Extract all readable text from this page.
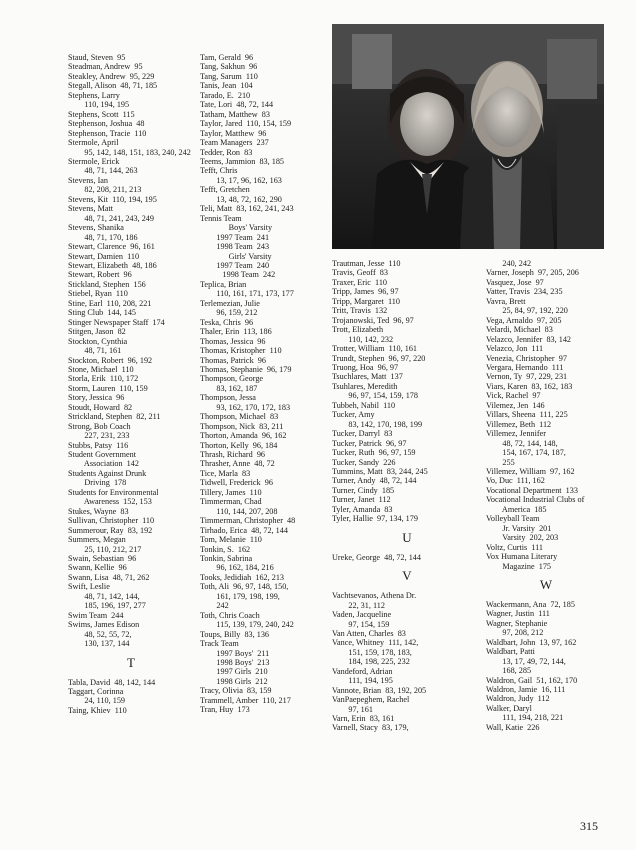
Staud, Steven  95
Steadman, Andrew  95
Steakley, Andrew  95, 229
Stegall, Alison  48, 71, 185
Stephens, Larry
110, 194, 195
Stephens, Scott  115
Stephenson, Joshua  48
Stephenson, Tracie  110
Stermole, April
95, 142, 148, 151, 183, 240, 242
Stermole, Erick
48, 71, 144, 263
Stevens, Ian
82, 208, 211, 213
Stevens, Kit  110, 194, 195
Stevens, Matt
48, 71, 241, 243, 249
Stevens, Shanika
48, 71, 170, 186
Stewart, Clarence  96, 161
Stewart, Damien  110
Stewart, Elizabeth  48, 186
Stewart, Robert  96
Stickland, Stephen  156
Stiebel, Ryan  110
Stine, Earl  110, 208, 221
Sting Club  144, 145
Stinger Newspaper Staff  174
Stitgen, Jason  82
Stockton, Cynthia
48, 71, 161
Stockton, Robert  96, 192
Stone, Michael  110
Storla, Erik  110, 172
Storm, Lauren  110, 159
Story, Jessica  96
Stoudt, Howard  82
Strickland, Stephen  82, 211
Strong, Bob Coach
227, 231, 233
Stubbs, Patsy  116
Student Government
Association  142
Students Against Drunk
Driving  178
Students for Environmental
Awareness  152, 153
Stukes, Wayne  83
Sullivan, Christopher  110
Summerour, Ray  83, 192
Summers, Megan
25, 110, 212, 217
Swain, Sebastian  96
Swann, Kellie  96
Swann, Lisa  48, 71, 262
Swift, Leslie
48, 71, 142, 144,
185, 196, 197, 277
Swim Team  244
Swims, James Edison
48, 52, 55, 72,
130, 137, 144
T
Tabla, David  48, 142, 144
Taggart, Corinna
24, 110, 159
Taing, Khiev  110
Tam, Gerald  96
Tang, Sakhun  96
Tang, Sarum  110
Tanis, Jean  104
Tarado, E.  210
Tate, Lori  48, 72, 144
Tatham, Matthew  83
Taylor, Jared  110, 154, 159
Taylor, Matthew  96
Team Managers  237
Tedder, Ron  83
Teems, Jammion  83, 185
Tefft, Chris
13, 17, 96, 162, 163
Tefft, Gretchen
13, 48, 72, 162, 290
Teli, Matt  83, 162, 241, 243
Tennis Team
Boys' Varsity
1997 Team  241
1998 Team  243
Girls' Varsity
1997 Team  240
1998 Team  242
Teplica, Brian
110, 161, 171, 173, 177
Terlemezian, Julie
96, 159, 212
Teska, Chris  96
Thaler, Erin  113, 186
Thomas, Jessica  96
Thomas, Kristopher  110
Thomas, Patrick  96
Thomas, Stephanie  96, 179
Thompson, George
83, 162, 187
Thompson, Jessa
93, 162, 170, 172, 183
Thompson, Michael  83
Thompson, Nick  83, 211
Thorton, Amanda  96, 162
Thorton, Kelly  96, 184
Thrash, Richard  96
Thrasher, Anne  48, 72
Tice, Marla  83
Tidwell, Frederick  96
Tillery, James  110
Timmerman, Chad
110, 144, 207, 208
Timmerman, Christopher  48
Tirhado, Erica  48, 72, 144
Tom, Melanie  110
Tonkin, S.  162
Tonkin, Sabrina
96, 162, 184, 216
Tooks, Jedidiah  162, 213
Toth, Ali  96, 97, 148, 150,
161, 179, 198, 199,
242
Toth, Chris Coach
115, 139, 179, 240, 242
Toups, Billy  83, 136
Track Team
1997 Boys'  211
1998 Boys'  213
1997 Girls  210
1998 Girls  212
Tracy, Olivia  83, 159
Trammell, Amber  110, 217
Tran, Huy  173
Trautman, Jesse  110
Travis, Geoff  83
Traxer, Eric  110
Tripp, James  96, 97
Tripp, Margaret  110
Tritt, Travis  132
Trojanowski, Ted  96, 97
Trott, Elizabeth
110, 142, 232
Trotter, William  110, 161
Trundt, Stephen  96, 97, 220
Truong, Hoa  96, 97
Tsuchlares, Matt  137
Tsuhlares, Meredith
96, 97, 154, 159, 178
Tubbeh, Nabil  110
Tucker, Amy
83, 142, 170, 198, 199
Tucker, Darryl  83
Tucker, Patrick  96, 97
Tucker, Ruth  96, 97, 159
Tucker, Sandy  226
Tummins, Matt  83, 244, 245
Turner, Andy  48, 72, 144
Turner, Cindy  185
Turner, Janet  112
Tyler, Amanda  83
Tyler, Hallie  97, 134, 179
U
Ureke, George  48, 72, 144
V
Vachtsevanos, Athena Dr.
22, 31, 112
Vaden, Jacqueline
97, 154, 159
Van Atten, Charles  83
Vance, Whitney  111, 142,
151, 159, 178, 183,
184, 198, 225, 232
Vandeford, Adrian
111, 194, 195
Vannote, Brian  83, 192, 205
VanPaepeghem, Rachel
97, 161
Varn, Erin  83, 161
Varnell, Stacy  83, 179,
240, 242
Varner, Joseph  97, 205, 206
Vasquez, Jose  97
Vatter, Travis  234, 235
Vavra, Brett
25, 84, 97, 192, 220
Vega, Arnaldo  97, 205
Velardi, Michael  83
Velazco, Jennifer  83, 142
Velazco, Jon  111
Venezia, Christopher  97
Vergara, Hernando  111
Vernon, Ty  97, 229, 231
Viars, Karen  83, 162, 183
Vick, Rachel  97
Vilemez, Jen  146
Villars, Sheena  111, 225
Villemez, Beth  112
Villemez, Jennifer
48, 72, 144, 148,
154, 167, 174, 187,
255
Villemez, William  97, 162
Vo, Duc  111, 162
Vocational Department  133
Vocational Industrial Clubs of
America  185
Volleyball Team
Jr. Varsity  201
Varsity  202, 203
Voltz, Curtis  111
Vox Humana Literary
Magazine  175
W
Wackermann, Ana  72, 185
Wagner, Justin  111
Wagner, Stephanie
97, 208, 212
Waldbart, John  13, 97, 162
Waldbart, Patti
13, 17, 49, 72, 144,
168, 285
Waldron, Gail  51, 162, 170
Waldron, Jamie  16, 111
Waldron, Judy  112
Walker, Daryl
111, 194, 218, 221
Wall, Katie  226
315
